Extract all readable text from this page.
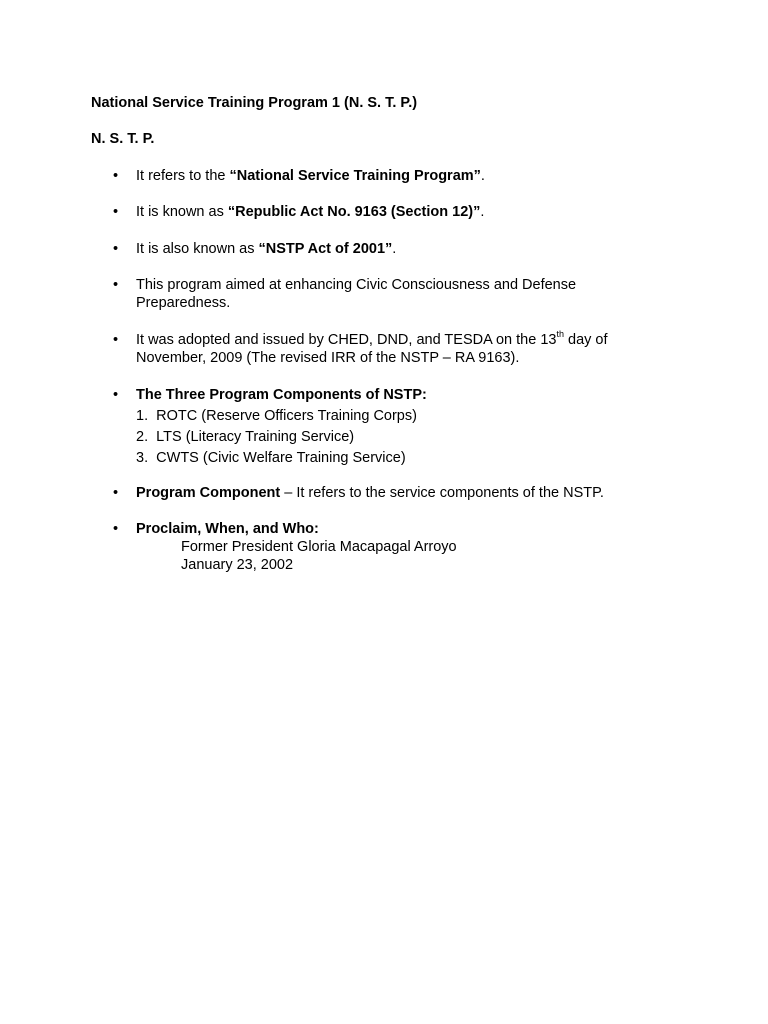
National Service Training Program 1 (N. S. T. P.)
N. S. T. P.
• It refers to the “National Service Training Program”.
• It is known as “Republic Act No. 9163 (Section 12)”.
• It is also known as “NSTP Act of 2001”.
• This program aimed at enhancing Civic Consciousness and Defense Preparedness.
• It was adopted and issued by CHED, DND, and TESDA on the 13th day of November, 2009 (The revised IRR of the NSTP – RA 9163).
• The Three Program Components of NSTP:
1. ROTC (Reserve Officers Training Corps)
2. LTS (Literacy Training Service)
3. CWTS (Civic Welfare Training Service)
• Program Component – It refers to the service components of the NSTP.
• Proclaim, When, and Who:
Former President Gloria Macapagal Arroyo
January 23, 2002
